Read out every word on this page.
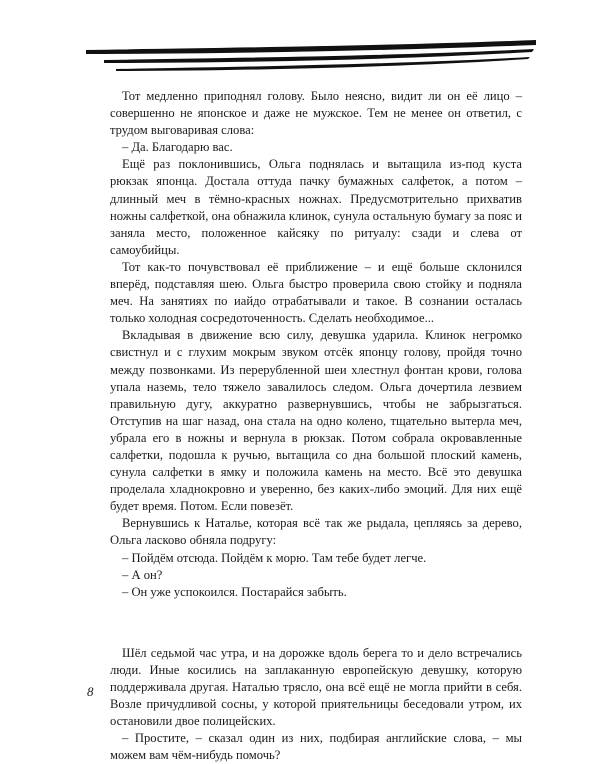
Тот медленно приподнял голову. Было неясно, видит ли он её лицо – совершенно не японское и даже не мужское. Тем не менее он ответил, с трудом выговаривая слова:

– Да. Благодарю вас.

Ещё раз поклонившись, Ольга поднялась и вытащила из-под куста рюкзак японца. Достала оттуда пачку бумажных салфеток, а потом – длинный меч в тёмно-красных ножнах. Предусмотрительно прихватив ножны салфеткой, она обнажила клинок, сунула остальную бумагу за пояс и заняла место, положенное кайсяку по ритуалу: сзади и слева от самоубийцы.

Тот как-то почувствовал её приближение – и ещё больше склонился вперёд, подставляя шею. Ольга быстро проверила свою стойку и подняла меч. На занятиях по иайдо отрабатывали и такое. В сознании осталась только холодная сосредоточенность. Сделать необходимое...

Вкладывая в движение всю силу, девушка ударила. Клинок негромко свистнул и с глухим мокрым звуком отсёк японцу голову, пройдя точно между позвонками. Из перерубленной шеи хлестнул фонтан крови, голова упала наземь, тело тяжело завалилось следом. Ольга дочертила лезвием правильную дугу, аккуратно развернувшись, чтобы не забрызгаться. Отступив на шаг назад, она стала на одно колено, тщательно вытерла меч, убрала его в ножны и вернула в рюкзак. Потом собрала окровавленные салфетки, подошла к ручью, вытащила со дна большой плоский камень, сунула салфетки в ямку и положила камень на место. Всё это девушка проделала хладнокровно и уверенно, без каких-либо эмоций. Для них ещё будет время. Потом. Если повезёт.

Вернувшись к Наталье, которая всё так же рыдала, цепляясь за дерево, Ольга ласково обняла подругу:

– Пойдём отсюда. Пойдём к морю. Там тебе будет легче.

– А он?

– Он уже успокоился. Постарайся забыть.

Шёл седьмой час утра, и на дорожке вдоль берега то и дело встречались люди. Иные косились на заплаканную европейскую девушку, которую поддерживала другая. Наталью трясло, она всё ещё не могла прийти в себя. Возле причудливой сосны, у которой приятельницы беседовали утром, их остановили двое полицейских.

– Простите, – сказал один из них, подбирая английские слова, – мы можем вам чём-нибудь помочь?

8
